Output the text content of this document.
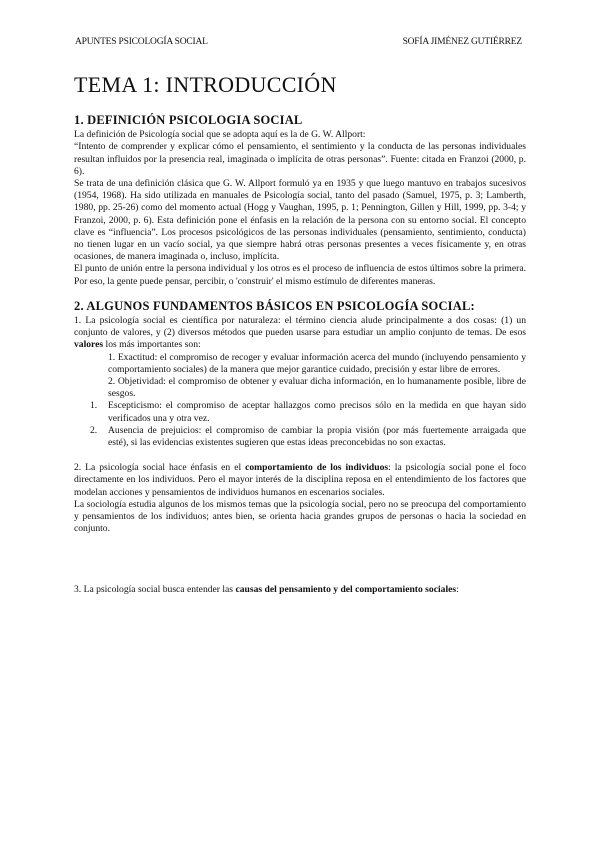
APUNTES PSICOLOGÍA SOCIAL	SOFÍA JIMÉNEZ GUTIÉRREZ
TEMA 1: INTRODUCCIÓN
1. DEFINICIÓN PSICOLOGIA SOCIAL

La definición de Psicología social que se adopta aquí es la de G. W. Allport:

“Intento de comprender y explicar cómo el pensamiento, el sentimiento y la conducta de las personas individuales resultan influidos por la presencia real, imaginada o implícita de otras personas”. Fuente: citada en Franzoi (2000, p. 6).

Se trata de una definición clásica que G. W. Allport formuló ya en 1935 y que luego mantuvo en trabajos sucesivos (1954, 1968). Ha sido utilizada en manuales de Psicología social, tanto del pasado (Samuel, 1975, p. 3; Lamberth, 1980, pp. 25-26) como del momento actual (Hogg y Vaughan, 1995, p. 1; Pennington, Gillen y Hill, 1999, pp. 3-4; y Franzoi, 2000, p. 6). Esta definición pone el énfasis en la relación de la persona con su entorno social. El concepto clave es “influencia”. Los procesos psicológicos de las personas individuales (pensamiento, sentimiento, conducta) no tienen lugar en un vacío social, ya que siempre habrá otras personas presentes a veces físicamente y, en otras ocasiones, de manera imaginada o, incluso, implícita.

El punto de unión entre la persona individual y los otros es el proceso de influencia de estos últimos sobre la primera. Por eso, la gente puede pensar, percibir, o 'construir' el mismo estímulo de diferentes maneras.

2. ALGUNOS FUNDAMENTOS BÁSICOS EN PSICOLOGÍA SOCIAL:

1. La psicología social es científica por naturaleza: el término ciencia alude principalmente a dos cosas: (1) un conjunto de valores, y (2) diversos métodos que pueden usarse para estudiar un amplio conjunto de temas. De esos valores los más importantes son:

1. Exactitud: el compromiso de recoger y evaluar información acerca del mundo (incluyendo pensamiento y comportamiento sociales) de la manera que mejor garantice cuidado, precisión y estar libre de errores.

2. Objetividad: el compromiso de obtener y evaluar dicha información, en lo humanamente posible, libre de sesgos.

1.	Escepticismo: el compromiso de aceptar hallazgos como precisos sólo en la medida en que hayan sido verificados una y otra vez.

2.	Ausencia de prejuicios: el compromiso de cambiar la propia visión (por más fuertemente arraigada que esté), si las evidencias existentes sugieren que estas ideas preconcebidas no son exactas.

2. La psicología social hace énfasis en el comportamiento de los individuos: la psicología social pone el foco directamente en los individuos. Pero el mayor interés de la disciplina reposa en el entendimiento de los factores que modelan acciones y pensamientos de individuos humanos en escenarios sociales.

La sociología estudia algunos de los mismos temas que la psicología social, pero no se preocupa del comportamiento y pensamientos de los individuos; antes bien, se orienta hacia grandes grupos de personas o hacia la sociedad en conjunto.

3. La psicología social busca entender las causas del pensamiento y del comportamiento sociales:
